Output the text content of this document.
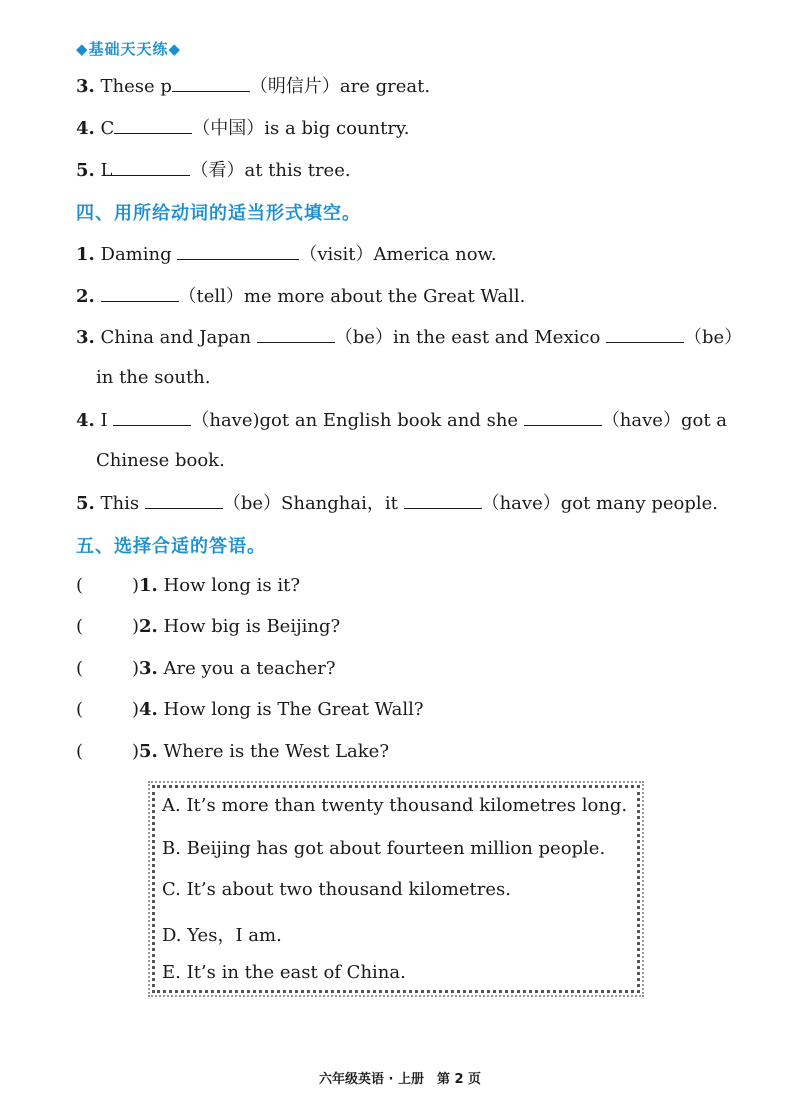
◆基础天天练◆
3. These p	（明信片）are great.
4. C	（中国）is a big country.
5. L	（看）at this tree.
四、用所给动词的适当形式填空。
1. Daming	（visit）America now.
2.	（tell）me more about the Great Wall.
3. China and Japan	（be）in the east and Mexico	（be）
in the south.
4. I	（have)got an English book and she	（have）got a
Chinese book.
5. This	（be）Shanghai，it	（have）got many people.
五、选择合适的答语。
(	)1. How long is it?
(	)2. How big is Beijing?
(	)3. Are you a teacher?
(	)4. How long is The Great Wall?
(	)5. Where is the West Lake?
A. It’s more than twenty thousand kilometres long.
B. Beijing has got about fourteen million people.
C. It’s about two thousand kilometres.
D. Yes，I am.
E. It’s in the east of China.
六年级英语 · 上册　第 2 页
